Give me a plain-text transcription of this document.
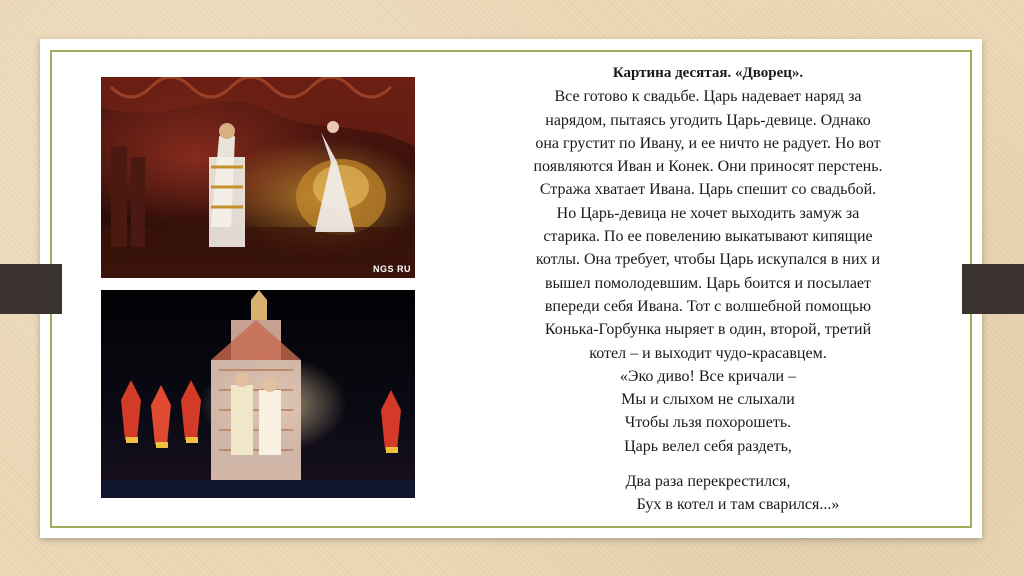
NGS RU
Картина десятая. «Дворец».
Все готово к свадьбе. Царь надевает наряд за
нарядом, пытаясь угодить Царь-девице. Однако
она грустит по Ивану, и ее ничто не радует. Но вот
появляются Иван и Конек. Они приносят перстень.
Стража хватает Ивана. Царь спешит со свадьбой.
Но Царь-девица не хочет выходить замуж за
старика. По ее повелению выкатывают кипящие
котлы. Она требует, чтобы Царь искупался в них и
вышел помолодевшим. Царь боится и посылает
впереди себя Ивана. Тот с волшебной помощью
Конька-Горбунка ныряет в один, второй, третий
котел – и выходит чудо-красавцем.
«Эко диво! Все кричали –
Мы и слыхом не слыхали
Чтобы льзя похорошеть.
Царь велел себя раздеть,
Два раза перекрестился,
Бух в котел и там сварился...»
